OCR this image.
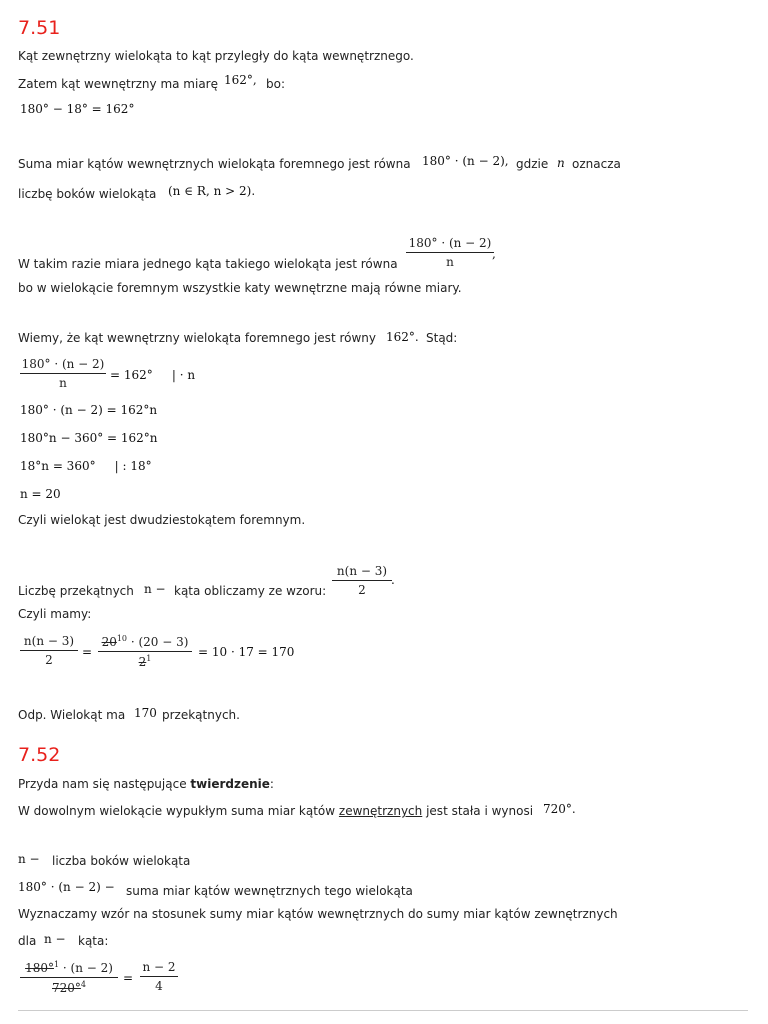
7.51
Kąt zewnętrzny wielokąta to kąt przyległy do kąta wewnętrznego.
Zatem kąt wewnętrzny ma miarę 162°, bo:
180° − 18° = 162°
Suma miar kątów wewnętrznych wielokąta foremnego jest równa 180° · (n − 2), gdzie n oznacza
liczbę boków wielokąta (n ∈ R, n > 2).
W takim razie miara jednego kąta takiego wielokąta jest równa
180° · (n − 2)
n
,
bo w wielokącie foremnym wszystkie katy wewnętrzne mają równe miary.
Wiemy, że kąt wewnętrzny wielokąta foremnego jest równy 162°. Stąd:
180° · (n − 2)
n
= 162°     | · n
180° · (n − 2) = 162°n
180°n − 360° = 162°n
18°n = 360°     | : 18°
n = 20
Czyli wielokąt jest dwudziestokątem foremnym.
Liczbę przekątnych n − kąta obliczamy ze wzoru:
n(n − 3)
2
.
Czyli mamy:
n(n − 3)
2
=
$20^{10} \cdot (20 - 3)$
$2^1$	= 10 · 17 = 170
Odp. Wielokąt ma 170 przekątnych.
7.52
Przyda nam się następujące twierdzenie:
W dowolnym wielokącie wypukłym suma miar kątów zewnętrznych jest stała i wynosi 720°.
n − liczba boków wielokąta
180° · (n − 2) − suma miar kątów wewnętrznych tego wielokąta
Wyznaczamy wzór na stosunek sumy miar kątów wewnętrznych do sumy miar kątów zewnętrznych
dla n − kąta:
180°$^1$ · (n − 2)
720°$^4$	=
n − 2
4
